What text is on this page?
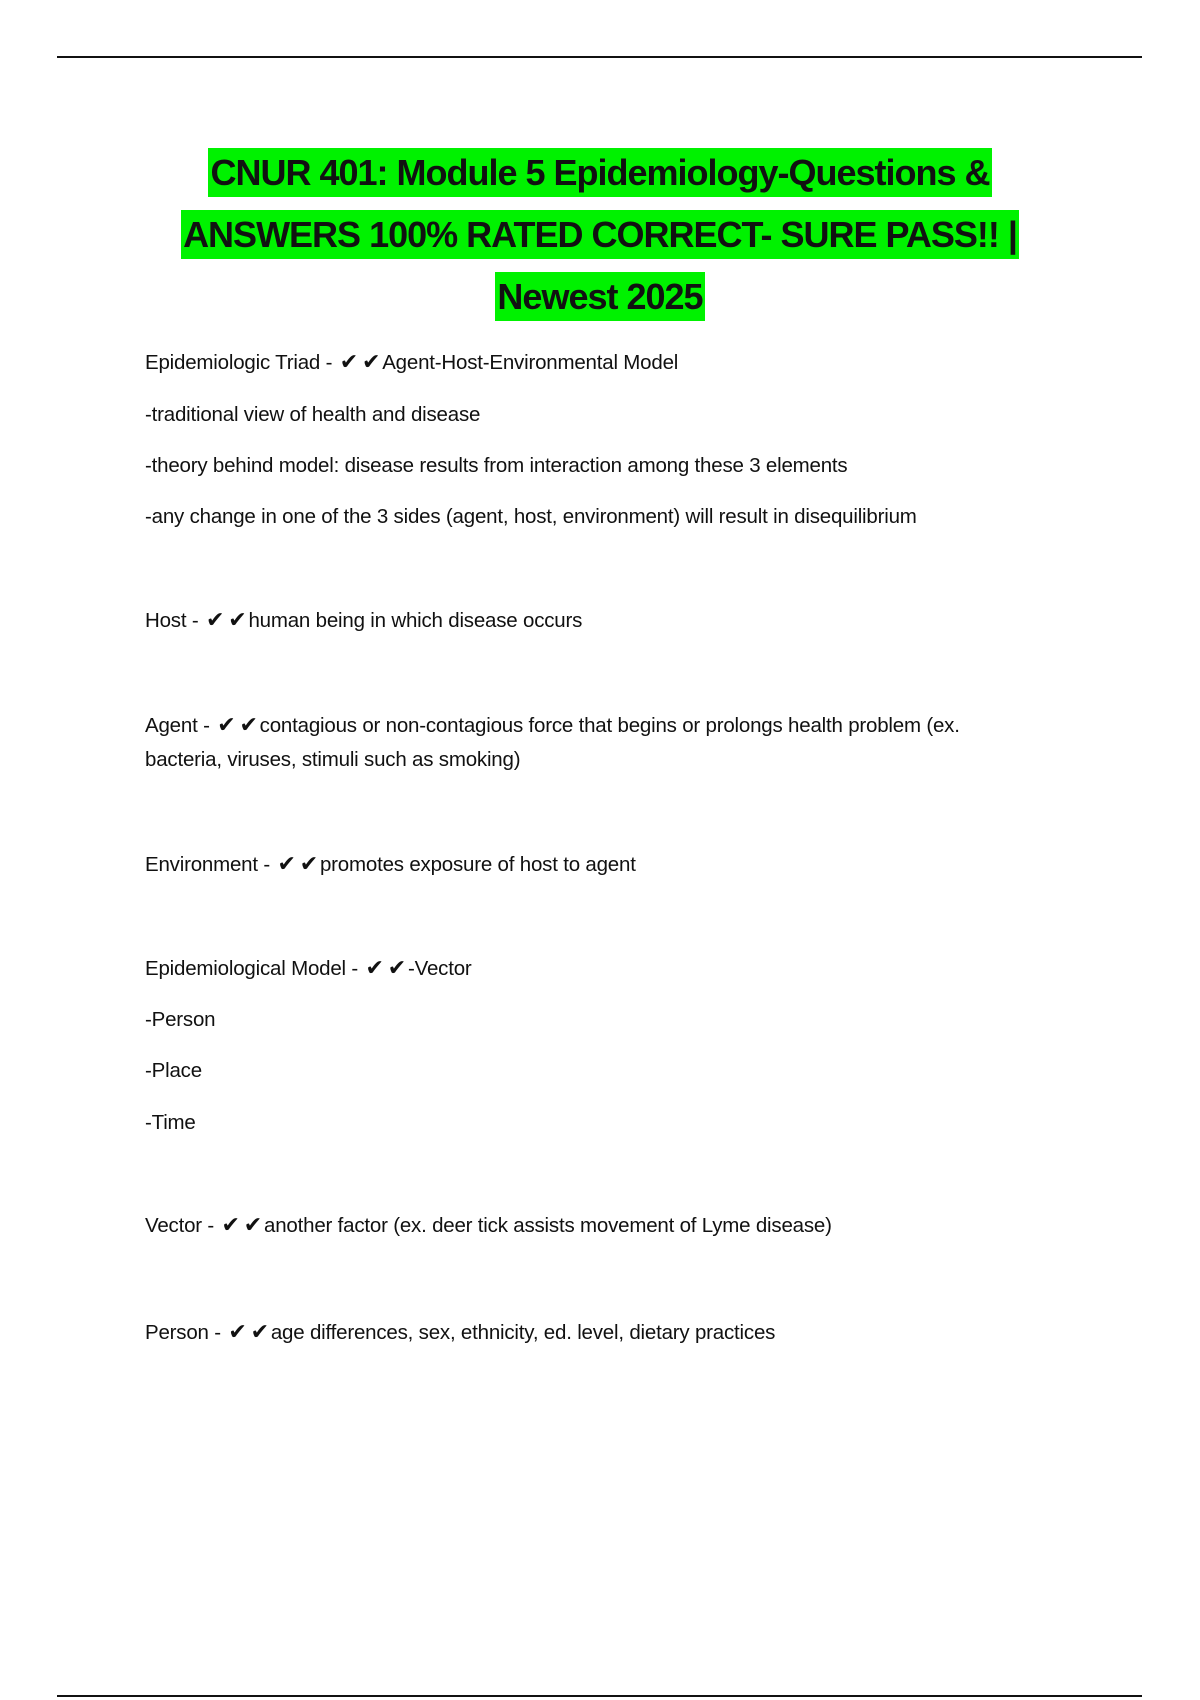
CNUR 401: Module 5 Epidemiology-Questions &
ANSWERS 100% RATED CORRECT- SURE PASS!! |
Newest 2025
Epidemiologic Triad - ✔ ✔Agent-Host-Environmental Model
-traditional view of health and disease
-theory behind model: disease results from interaction among these 3 elements
-any change in one of the 3 sides (agent, host, environment) will result in disequilibrium
Host - ✔ ✔human being in which disease occurs
Agent - ✔ ✔contagious or non-contagious force that begins or prolongs health problem (ex. bacteria, viruses, stimuli such as smoking)
Environment - ✔ ✔promotes exposure of host to agent
Epidemiological Model - ✔ ✔-Vector
-Person
-Place
-Time
Vector - ✔ ✔another factor (ex. deer tick assists movement of Lyme disease)
Person - ✔ ✔age differences, sex, ethnicity, ed. level, dietary practices
